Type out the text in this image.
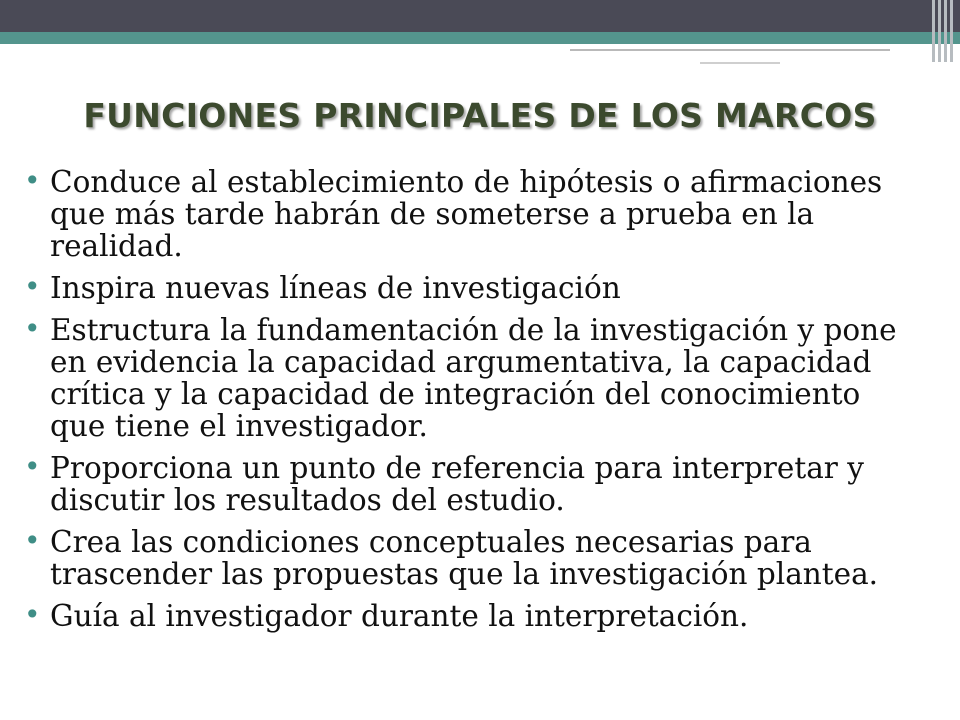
FUNCIONES PRINCIPALES DE LOS MARCOS
• Conduce al establecimiento de hipótesis o afirmaciones que más tarde habrán de someterse a prueba en la realidad.
• Inspira nuevas líneas de investigación
• Estructura la fundamentación de la investigación y pone en evidencia la capacidad argumentativa, la capacidad crítica y la capacidad de integración del conocimiento que tiene el investigador.
• Proporciona un punto de referencia para interpretar y discutir los resultados del estudio.
• Crea las condiciones conceptuales necesarias para trascender las propuestas que la investigación plantea.
• Guía al investigador durante la interpretación.
